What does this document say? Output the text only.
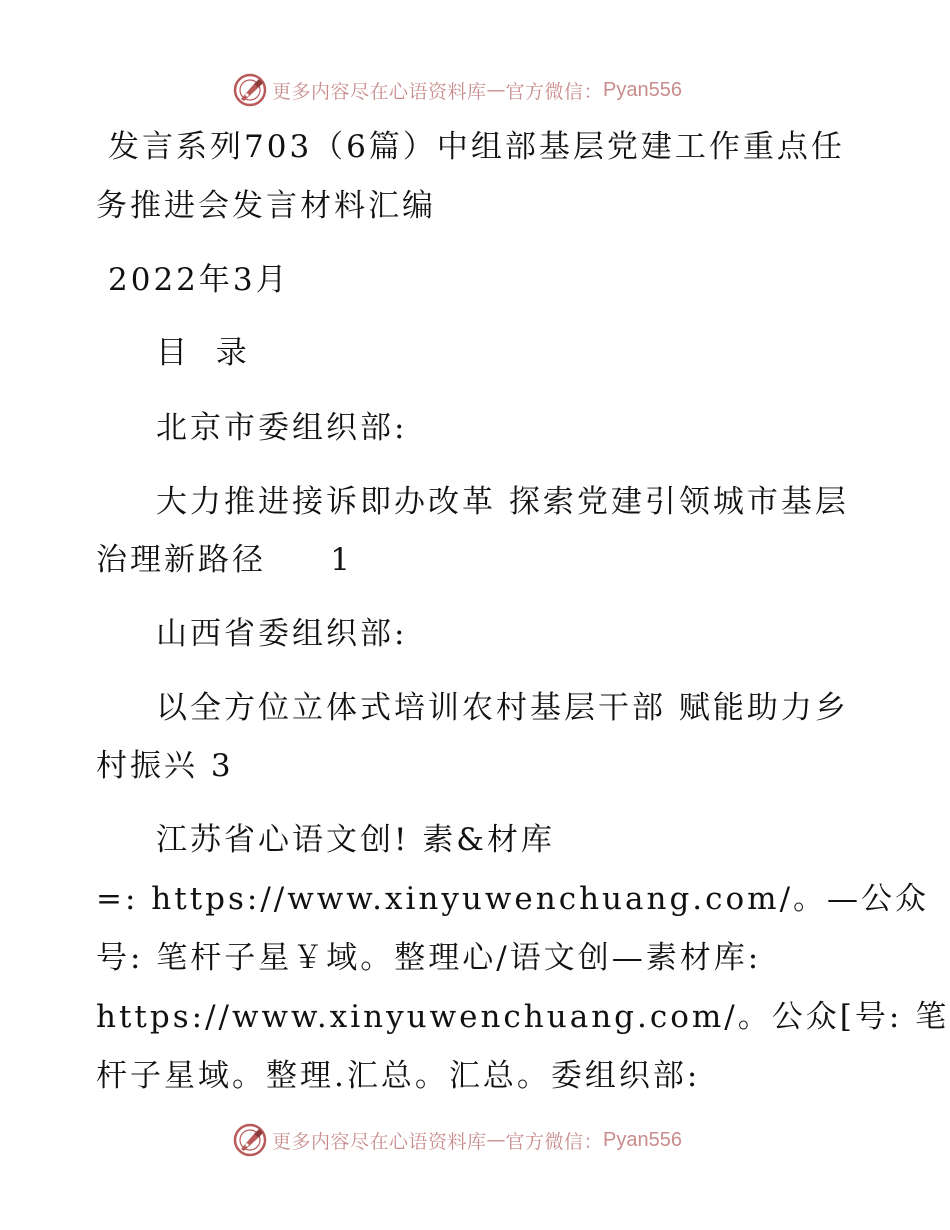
更多内容尽在心语资料库 — 官方微信： Pyan556
发言系列703（6篇）中组部基层党建工作重点任
务推进会发言材料汇编
2022年3月
目  录
北京市委组织部:
大力推进接诉即办改革 探索党建引领城市基层
治理新路径     1
山西省委组织部:
以全方位立体式培训农村基层干部 赋能助力乡
村振兴 3
江苏省心语文创! 素&材库
=: https://www.xinyuwenchuang.com/。—公众
号: 笔杆子星￥域。整理心/语文创—素材库:
https://www.xinyuwenchuang.com/。公众[号: 笔
杆子星域。整理.汇总。汇总。委组织部:
更多内容尽在心语资料库 — 官方微信： Pyan556
